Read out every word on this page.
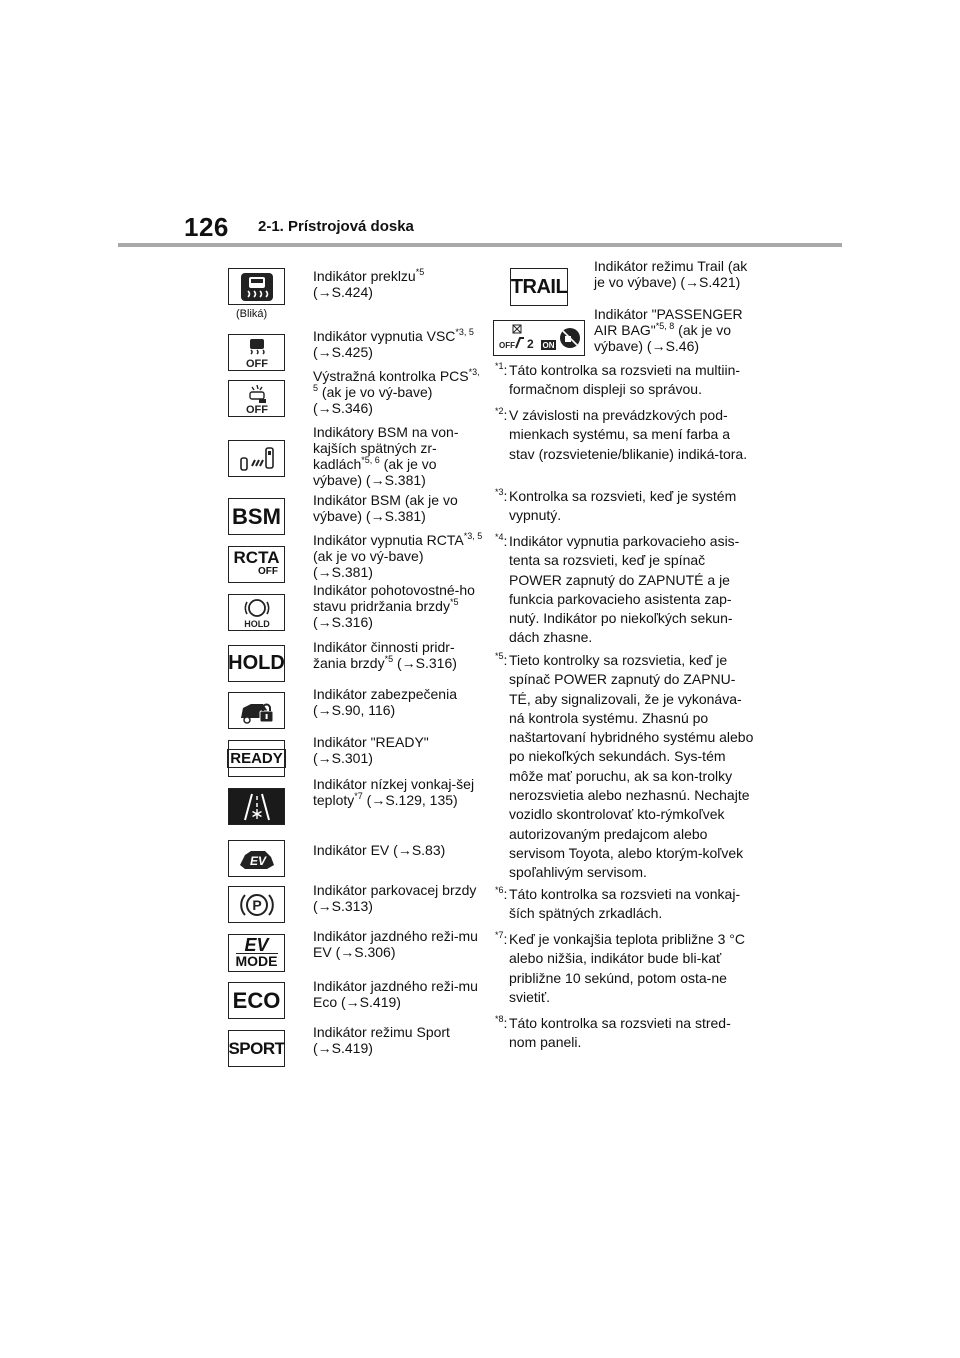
126 2-1. Prístrojová doska
(Bliká)
Indikátor preklzu$^{*5}$
(→S.424)
OFF
Indikátor vypnutia VSC$^{*3, 5}$ (→S.425)
OFF
Výstražná kontrolka PCS$^{*3, 5}$ (ak je vo vý-bave) (→S.346)
Indikátory BSM na von-kajších spätných zr-kadlách$^{*5, 6}$ (ak je vo výbave) (→S.381)
BSM
Indikátor BSM (ak je vo výbave) (→S.381)
RCTA
OFF
Indikátor vypnutia RCTA$^{*3, 5}$ (ak je vo vý-bave) (→S.381)
HOLD
Indikátor pohotovostné-ho stavu pridržania brzdy$^{*5}$ (→S.316)
HOLD
Indikátor činnosti pridr-žania brzdy$^{*5}$ (→S.316)
Indikátor zabezpečenia (→S.90, 116)
READY
Indikátor "READY" (→S.301)
Indikátor nízkej vonkaj-šej teploty$^{*7}$ (→S.129, 135)
EV
Indikátor EV (→S.83)
P
Indikátor parkovacej brzdy (→S.313)
EV
MODE
Indikátor jazdného reži-mu EV (→S.306)
ECO
Indikátor jazdného reži-mu Eco (→S.419)
SPORT
Indikátor režimu Sport (→S.419)
TRAIL
Indikátor režimu Trail (ak je vo výbave) (→S.421)
OFF 2 ON
Indikátor "PASSENGER AIR BAG"$^{*5, 8}$ (ak je vo výbave) (→S.46)
$^{*1}$: Táto kontrolka sa rozsvieti na multiin-formačnom displeji so správou.
$^{*2}$: V závislosti na prevádzkových pod-mienkach systému, sa mení farba a stav (rozsvietenie/blikanie) indiká-tora.
$^{*3}$: Kontrolka sa rozsvieti, keď je systém vypnutý.
$^{*4}$: Indikátor vypnutia parkovacieho asis-tenta sa rozsvieti, keď je spínač POWER zapnutý do ZAPNUTÉ a je funkcia parkovacieho asistenta zap-nutý. Indikátor po niekoľkých sekun-dách zhasne.
$^{*5}$: Tieto kontrolky sa rozsvietia, keď je spínač POWER zapnutý do ZAPNU-TÉ, aby signalizovali, že je vykonáva-ná kontrola systému. Zhasnú po naštartovaní hybridného systému alebo po niekoľkých sekundách. Sys-tém môže mať poruchu, ak sa kon-trolky nerozsvietia alebo nezhasnú. Nechajte vozidlo skontrolovať kto-rýmkoľvek autorizovaným predajcom alebo servisom Toyota, alebo ktorým-koľvek spoľahlivým servisom.
$^{*6}$: Táto kontrolka sa rozsvieti na vonkaj-ších spätných zrkadlách.
$^{*7}$: Keď je vonkajšia teplota približne 3 °C alebo nižšia, indikátor bude bli-kať približne 10 sekúnd, potom osta-ne svietiť.
$^{*8}$: Táto kontrolka sa rozsvieti na stred-nom paneli.
